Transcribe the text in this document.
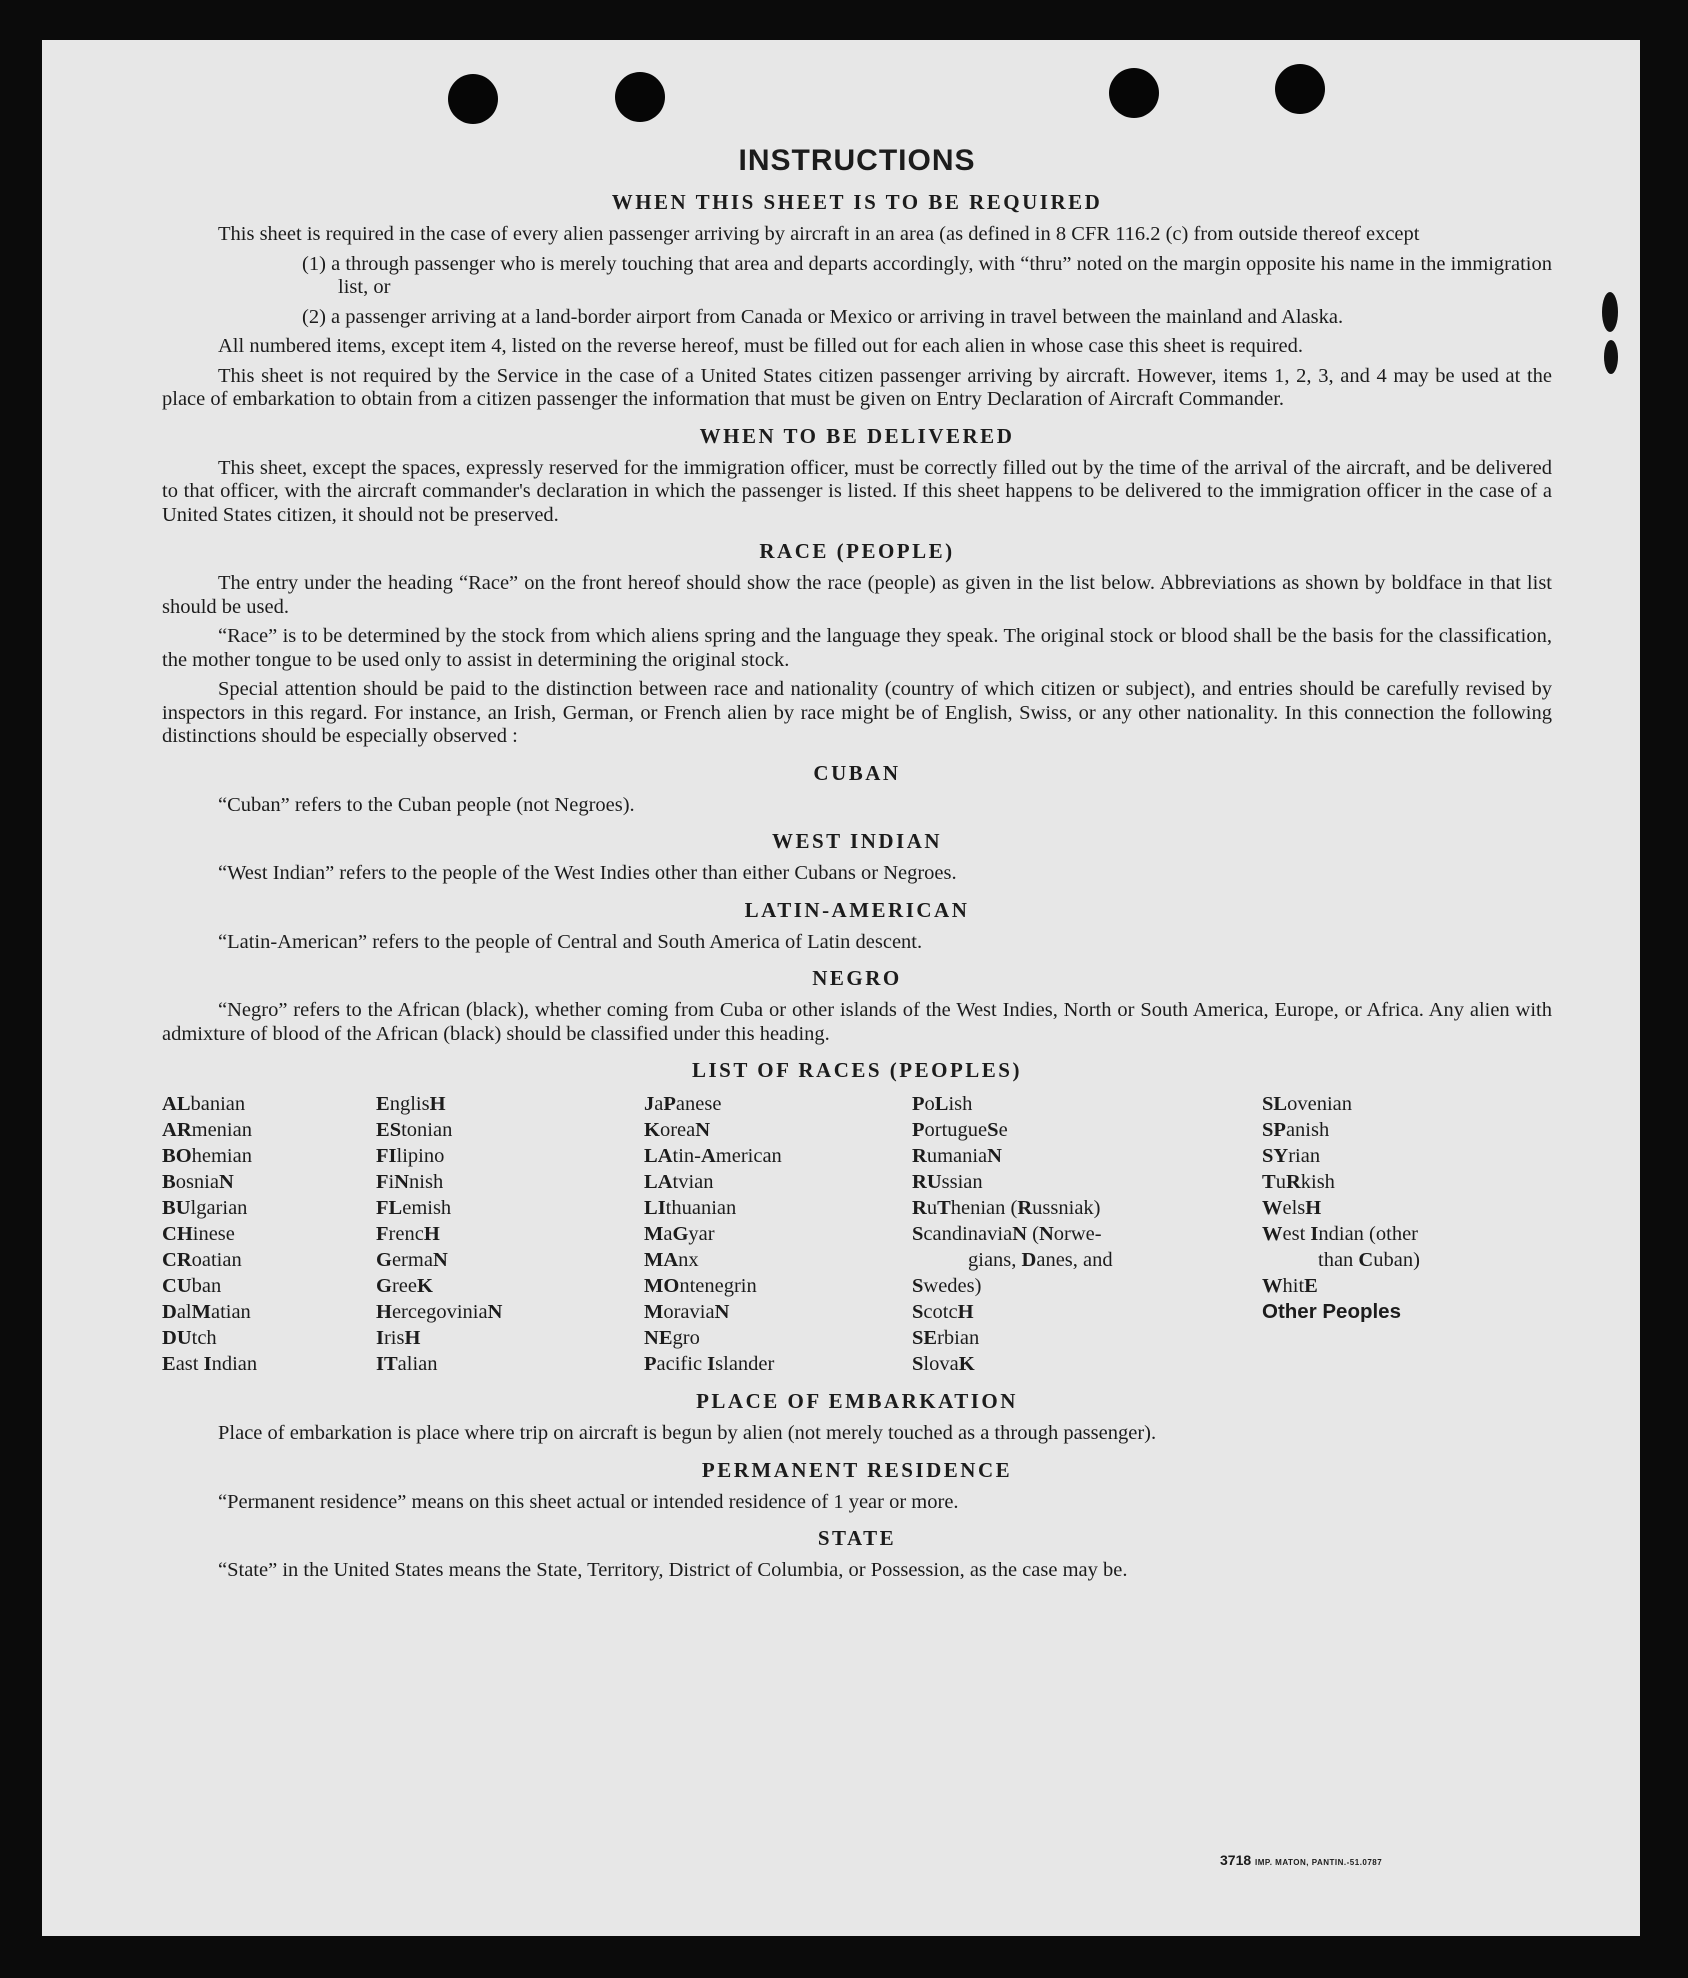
INSTRUCTIONS
WHEN THIS SHEET IS TO BE REQUIRED

This sheet is required in the case of every alien passenger arriving by aircraft in an area (as defined in 8 CFR 116.2 (c) from outside thereof except

(1) a through passenger who is merely touching that area and departs accordingly, with “thru” noted on the margin opposite his name in the immigration list, or

(2) a passenger arriving at a land-border airport from Canada or Mexico or arriving in travel between the mainland and Alaska.

All numbered items, except item 4, listed on the reverse hereof, must be filled out for each alien in whose case this sheet is required.

This sheet is not required by the Service in the case of a United States citizen passenger arriving by aircraft. However, items 1, 2, 3, and 4 may be used at the place of embarkation to obtain from a citizen passenger the information that must be given on Entry Declaration of Aircraft Commander.

WHEN TO BE DELIVERED

This sheet, except the spaces, expressly reserved for the immigration officer, must be correctly filled out by the time of the arrival of the aircraft, and be delivered to that officer, with the aircraft commander's declaration in which the passenger is listed. If this sheet happens to be delivered to the immigration officer in the case of a United States citizen, it should not be preserved.

RACE (PEOPLE)

The entry under the heading “Race” on the front hereof should show the race (people) as given in the list below. Abbreviations as shown by boldface in that list should be used.

“Race” is to be determined by the stock from which aliens spring and the language they speak. The original stock or blood shall be the basis for the classification, the mother tongue to be used only to assist in determining the original stock.

Special attention should be paid to the distinction between race and nationality (country of which citizen or subject), and entries should be carefully revised by inspectors in this regard. For instance, an Irish, German, or French alien by race might be of English, Swiss, or any other nationality. In this connection the following distinctions should be especially observed :

CUBAN

“Cuban” refers to the Cuban people (not Negroes).

WEST INDIAN

“West Indian” refers to the people of the West Indies other than either Cubans or Negroes.

LATIN-AMERICAN

“Latin-American” refers to the people of Central and South America of Latin descent.

NEGRO

“Negro” refers to the African (black), whether coming from Cuba or other islands of the West Indies, North or South America, Europe, or Africa. Any alien with admixture of blood of the African (black) should be classified under this heading.

LIST OF RACES (PEOPLES)
ALbanian
ARmenian
BOhemian
BosniaN
BUlgarian
CHinese
CRoatian
CUban
DalMatian
DUtch
East Indian
EnglisH
EStonian
FIlipino
FiNnish
FLemish
FrencH
GermaN
GreeK
HercegoviniaN
IrisH
ITalian
JaPanese
KoreaN
LAtin-American
LAtvian
LIthuanian
MaGyar
MAnx
MOntenegrin
MoraviaN
NEgro
Pacific Islander
PoLish
PortugueSe
RumaniaN
RUssian
RuThenian (Russniak)
ScandinaviaN (Norwe-
gians, Danes, and
Swedes)
ScotcH
SErbian
SlovaK
SLovenian
SPanish
SYrian
TuRkish
WelsH
West Indian (other
than Cuban)
WhitE
Other Peoples
PLACE OF EMBARKATION

Place of embarkation is place where trip on aircraft is begun by alien (not merely touched as a through passenger).

PERMANENT RESIDENCE

“Permanent residence” means on this sheet actual or intended residence of 1 year or more.

STATE

“State” in the United States means the State, Territory, District of Columbia, or Possession, as the case may be.

3718 IMP. MATON, PANTIN.-51.0787
